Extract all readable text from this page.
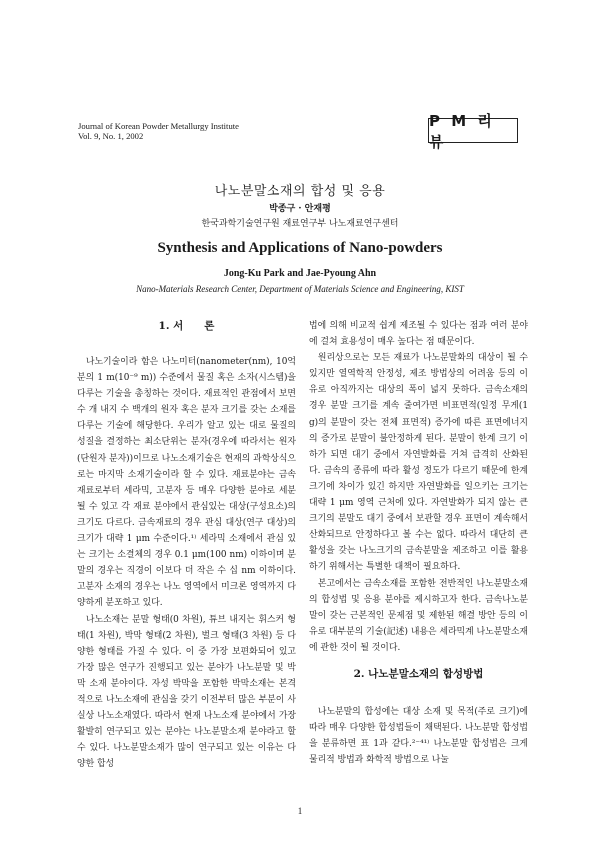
Journal of Korean Powder Metallurgy Institute
Vol. 9, No. 1, 2002
P M 리 뷰
나노분말소재의 합성 및 응용
박종구 · 안재평
한국과학기술연구원 재료연구부 나노재료연구센터
Synthesis and Applications of Nano-powders
Jong-Ku Park and Jae-Pyoung Ahn
Nano-Materials Research Center, Department of Materials Science and Engineering, KIST
1. 서　　론

나노기술이라 함은 나노미터(nanometer(nm), 10억분의 1 m(10⁻⁹ m)) 수준에서 물질 혹은 소자(시스템)을 다루는 기술을 총칭하는 것이다. 재료적인 관점에서 보면 수 개 내지 수 백개의 원자 혹은 분자 크기를 갖는 소재를 다루는 기술에 해당한다. 우리가 알고 있는 대로 물질의 성질을 결정하는 최소단위는 분자(경우에 따라서는 원자(단원자 분자))이므로 나노소재기술은 현재의 과학상식으로는 마지막 소재기술이라 할 수 있다. 재료분야는 금속재료로부터 세라믹, 고분자 등 매우 다양한 분야로 세분될 수 있고 각 재료 분야에서 관심있는 대상(구성요소)의 크기도 다르다. 금속재료의 경우 관심 대상(연구 대상)의 크기가 대략 1 μm 수준이다.¹⁾ 세라믹 소재에서 관심 있는 크기는 소결체의 경우 0.1 μm(100 nm) 이하이며 분말의 경우는 직경이 이보다 더 작은 수 십 nm 이하이다. 고분자 소재의 경우는 나노 영역에서 미크론 영역까지 다양하게 분포하고 있다.

나노소재는 분말 형태(0 차원), 튜브 내지는 휘스커 형태(1 차원), 박막 형태(2 차원), 벌크 형태(3 차원) 등 다양한 형태를 가질 수 있다. 이 중 가장 보편화되어 있고 가장 많은 연구가 진행되고 있는 분야가 나노분말 및 박막 소재 분야이다. 자성 박막을 포함한 박막소재는 본격적으로 나노소재에 관심을 갖기 이전부터 많은 부분이 사실상 나노소재였다. 따라서 현재 나노소재 분야에서 가장 활발히 연구되고 있는 분야는 나노분말소재 분야라고 할 수 있다. 나노분말소재가 많이 연구되고 있는 이유는 다양한 합성

법에 의해 비교적 쉽게 제조될 수 있다는 점과 여러 분야에 걸쳐 효용성이 매우 높다는 점 때문이다.

원리상으로는 모든 재료가 나노분말화의 대상이 될 수 있지만 열역학적 안정성, 제조 방법상의 어려움 등의 이유로 아직까지는 대상의 폭이 넓지 못하다. 금속소재의 경우 분말 크기를 계속 줄여가면 비표면적(일정 무게(1 g)의 분말이 갖는 전체 표면적) 증가에 따른 표면에너지의 증가로 분말이 불안정하게 된다. 분말이 한계 크기 이하가 되면 대기 중에서 자연발화를 거쳐 급격히 산화된다. 금속의 종류에 따라 활성 정도가 다르기 때문에 한계 크기에 차이가 있긴 하지만 자연발화를 일으키는 크기는 대략 1 μm 영역 근처에 있다. 자연발화가 되지 않는 큰 크기의 분말도 대기 중에서 보관할 경우 표면이 계속해서 산화되므로 안정하다고 볼 수는 없다. 따라서 대단히 큰 활성을 갖는 나노크기의 금속분말을 제조하고 이를 활용하기 위해서는 특별한 대책이 필요하다.

본고에서는 금속소재를 포함한 전반적인 나노분말소재의 합성법 및 응용 분야를 제시하고자 한다. 금속나노분말이 갖는 근본적인 문제점 및 제한된 해결 방안 등의 이유로 대부분의 기술(記述) 내용은 세라믹계 나노분말소재에 관한 것이 될 것이다.

2. 나노분말소재의 합성방법

나노분말의 합성에는 대상 소재 및 목적(주로 크기)에 따라 매우 다양한 합성법들이 채택된다. 나노분말 합성법을 분류하면 표 1과 같다.²⁻⁴¹⁾ 나노분말 합성법은 크게 물리적 방법과 화학적 방법으로 나눌

1
